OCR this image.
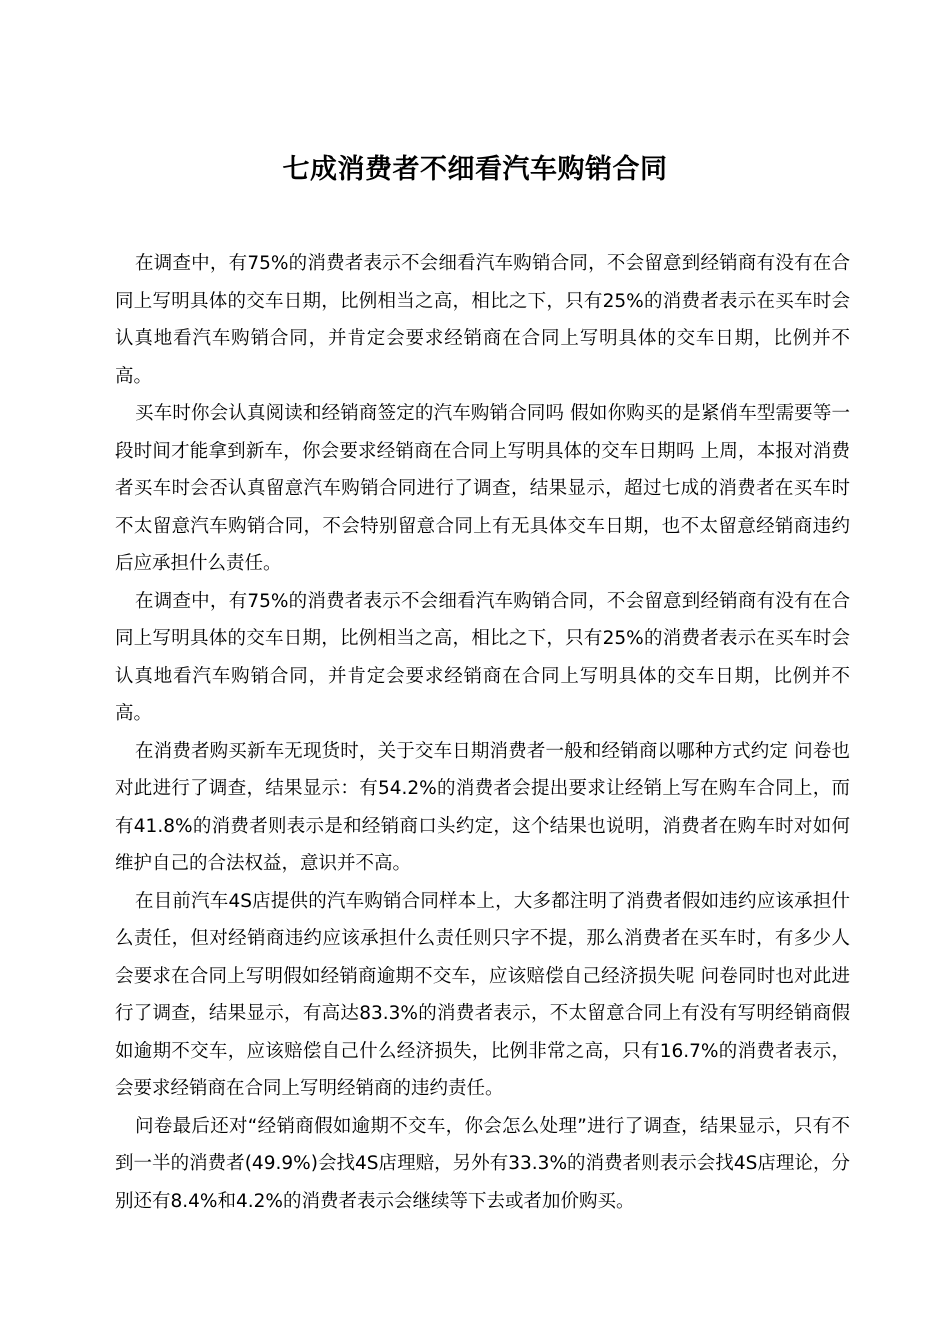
七成消费者不细看汽车购销合同

在调查中，有75%的消费者表示不会细看汽车购销合同，不会留意到经销商有没有在合同上写明具体的交车日期，比例相当之高，相比之下，只有25%的消费者表示在买车时会认真地看汽车购销合同，并肯定会要求经销商在合同上写明具体的交车日期，比例并不高。

买车时你会认真阅读和经销商签定的汽车购销合同吗 假如你购买的是紧俏车型需要等一段时间才能拿到新车，你会要求经销商在合同上写明具体的交车日期吗 上周，本报对消费者买车时会否认真留意汽车购销合同进行了调查，结果显示，超过七成的消费者在买车时不太留意汽车购销合同，不会特别留意合同上有无具体交车日期，也不太留意经销商违约后应承担什么责任。

在调查中，有75%的消费者表示不会细看汽车购销合同，不会留意到经销商有没有在合同上写明具体的交车日期，比例相当之高，相比之下，只有25%的消费者表示在买车时会认真地看汽车购销合同，并肯定会要求经销商在合同上写明具体的交车日期，比例并不高。

在消费者购买新车无现货时，关于交车日期消费者一般和经销商以哪种方式约定 问卷也对此进行了调查，结果显示：有54.2%的消费者会提出要求让经销上写在购车合同上，而有41.8%的消费者则表示是和经销商口头约定，这个结果也说明，消费者在购车时对如何维护自己的合法权益，意识并不高。

在目前汽车4S店提供的汽车购销合同样本上，大多都注明了消费者假如违约应该承担什么责任，但对经销商违约应该承担什么责任则只字不提，那么消费者在买车时，有多少人会要求在合同上写明假如经销商逾期不交车，应该赔偿自己经济损失呢 问卷同时也对此进行了调查，结果显示，有高达83.3%的消费者表示，不太留意合同上有没有写明经销商假如逾期不交车，应该赔偿自己什么经济损失，比例非常之高，只有16.7%的消费者表示，会要求经销商在合同上写明经销商的违约责任。

问卷最后还对“经销商假如逾期不交车，你会怎么处理”进行了调查，结果显示，只有不到一半的消费者(49.9%)会找4S店理赔，另外有33.3%的消费者则表示会找4S店理论，分别还有8.4%和4.2%的消费者表示会继续等下去或者加价购买。
